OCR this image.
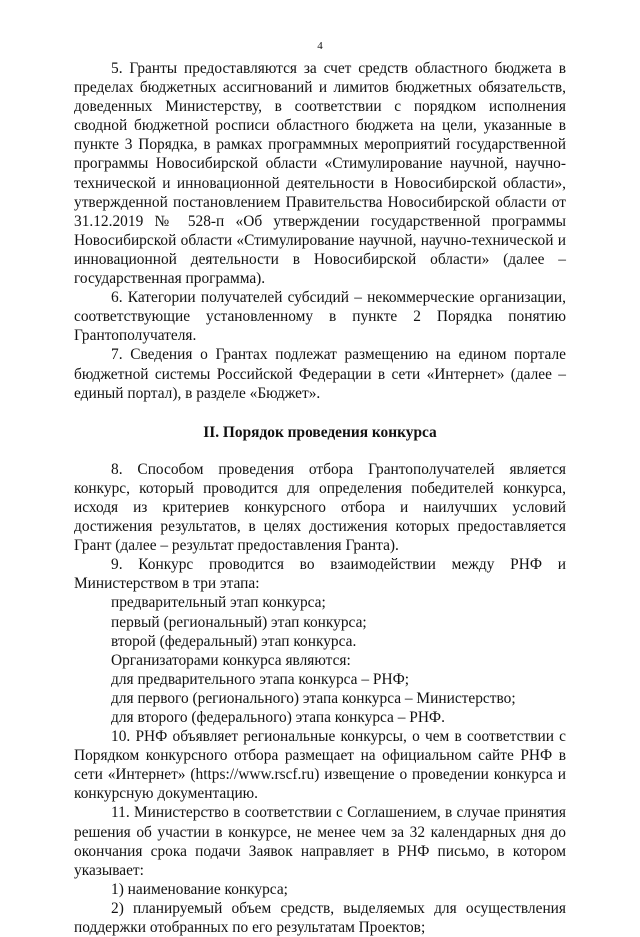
4

5. Гранты предоставляются за счет средств областного бюджета в пределах бюджетных ассигнований и лимитов бюджетных обязательств, доведенных Министерству, в соответствии с порядком исполнения сводной бюджетной росписи областного бюджета на цели, указанные в пункте 3 Порядка, в рамках программных мероприятий государственной программы Новосибирской области «Стимулирование научной, научно-технической и инновационной деятельности в Новосибирской области», утвержденной постановлением Правительства Новосибирской области от 31.12.2019 № 528-п «Об утверждении государственной программы Новосибирской области «Стимулирование научной, научно-технической и инновационной деятельности в Новосибирской области» (далее – государственная программа).

6. Категории получателей субсидий – некоммерческие организации, соответствующие установленному в пункте 2 Порядка понятию Грантополучателя.

7. Сведения о Грантах подлежат размещению на едином портале бюджетной системы Российской Федерации в сети «Интернет» (далее – единый портал), в разделе «Бюджет».

II. Порядок проведения конкурса

8. Способом проведения отбора Грантополучателей является конкурс, который проводится для определения победителей конкурса, исходя из критериев конкурсного отбора и наилучших условий достижения результатов, в целях достижения которых предоставляется Грант (далее – результат предоставления Гранта).

9. Конкурс проводится во взаимодействии между РНФ и Министерством в три этапа:

предварительный этап конкурса;

первый (региональный) этап конкурса;

второй (федеральный) этап конкурса.

Организаторами конкурса являются:

для предварительного этапа конкурса – РНФ;

для первого (регионального) этапа конкурса – Министерство;

для второго (федерального) этапа конкурса – РНФ.

10. РНФ объявляет региональные конкурсы, о чем в соответствии с Порядком конкурсного отбора размещает на официальном сайте РНФ в сети «Интернет» (https://www.rscf.ru) извещение о проведении конкурса и конкурсную документацию.

11. Министерство в соответствии с Соглашением, в случае принятия решения об участии в конкурсе, не менее чем за 32 календарных дня до окончания срока подачи Заявок направляет в РНФ письмо, в котором указывает:

1) наименование конкурса;

2) планируемый объем средств, выделяемых для осуществления поддержки отобранных по его результатам Проектов;
